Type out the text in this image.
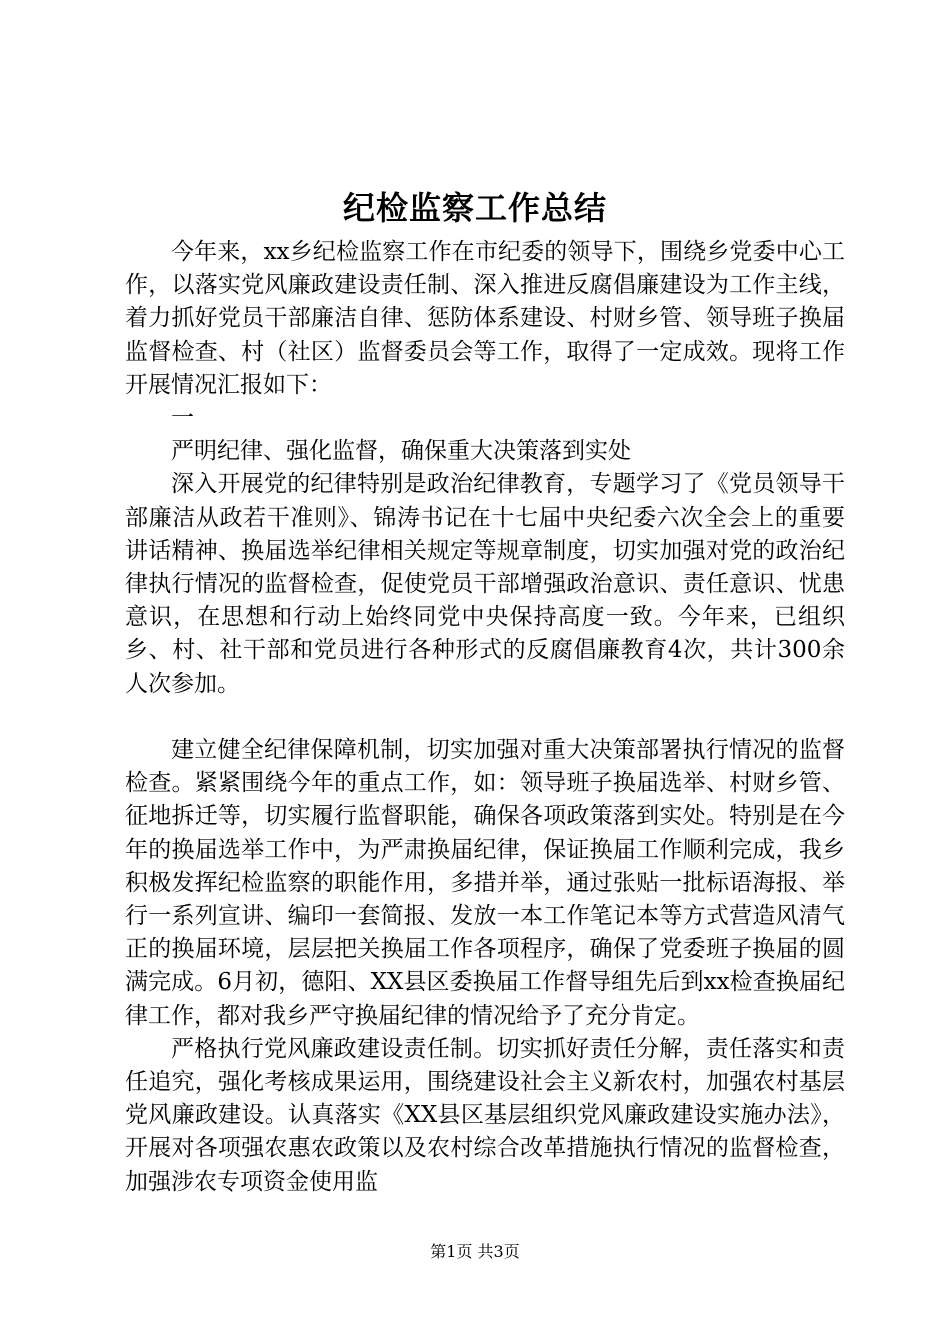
纪检监察工作总结

今年来，xx乡纪检监察工作在市纪委的领导下，围绕乡党委中心工作，以落实党风廉政建设责任制、深入推进反腐倡廉建设为工作主线，着力抓好党员干部廉洁自律、惩防体系建设、村财乡管、领导班子换届监督检查、村（社区）监督委员会等工作，取得了一定成效。现将工作开展情况汇报如下：

一

严明纪律、强化监督，确保重大决策落到实处

深入开展党的纪律特别是政治纪律教育，专题学习了《党员领导干部廉洁从政若干准则》、锦涛书记在十七届中央纪委六次全会上的重要讲话精神、换届选举纪律相关规定等规章制度，切实加强对党的政治纪律执行情况的监督检查，促使党员干部增强政治意识、责任意识、忧患意识，在思想和行动上始终同党中央保持高度一致。今年来，已组织乡、村、社干部和党员进行各种形式的反腐倡廉教育4次，共计300余人次参加。

建立健全纪律保障机制，切实加强对重大决策部署执行情况的监督检查。紧紧围绕今年的重点工作，如：领导班子换届选举、村财乡管、征地拆迁等，切实履行监督职能，确保各项政策落到实处。特别是在今年的换届选举工作中，为严肃换届纪律，保证换届工作顺利完成，我乡积极发挥纪检监察的职能作用，多措并举，通过张贴一批标语海报、举行一系列宣讲、编印一套简报、发放一本工作笔记本等方式营造风清气正的换届环境，层层把关换届工作各项程序，确保了党委班子换届的圆满完成。6月初，德阳、XX县区委换届工作督导组先后到xx检查换届纪律工作，都对我乡严守换届纪律的情况给予了充分肯定。

严格执行党风廉政建设责任制。切实抓好责任分解，责任落实和责任追究，强化考核成果运用，围绕建设社会主义新农村，加强农村基层党风廉政建设。认真落实《XX县区基层组织党风廉政建设实施办法》，开展对各项强农惠农政策以及农村综合改革措施执行情况的监督检查，加强涉农专项资金使用监

第1页 共3页
